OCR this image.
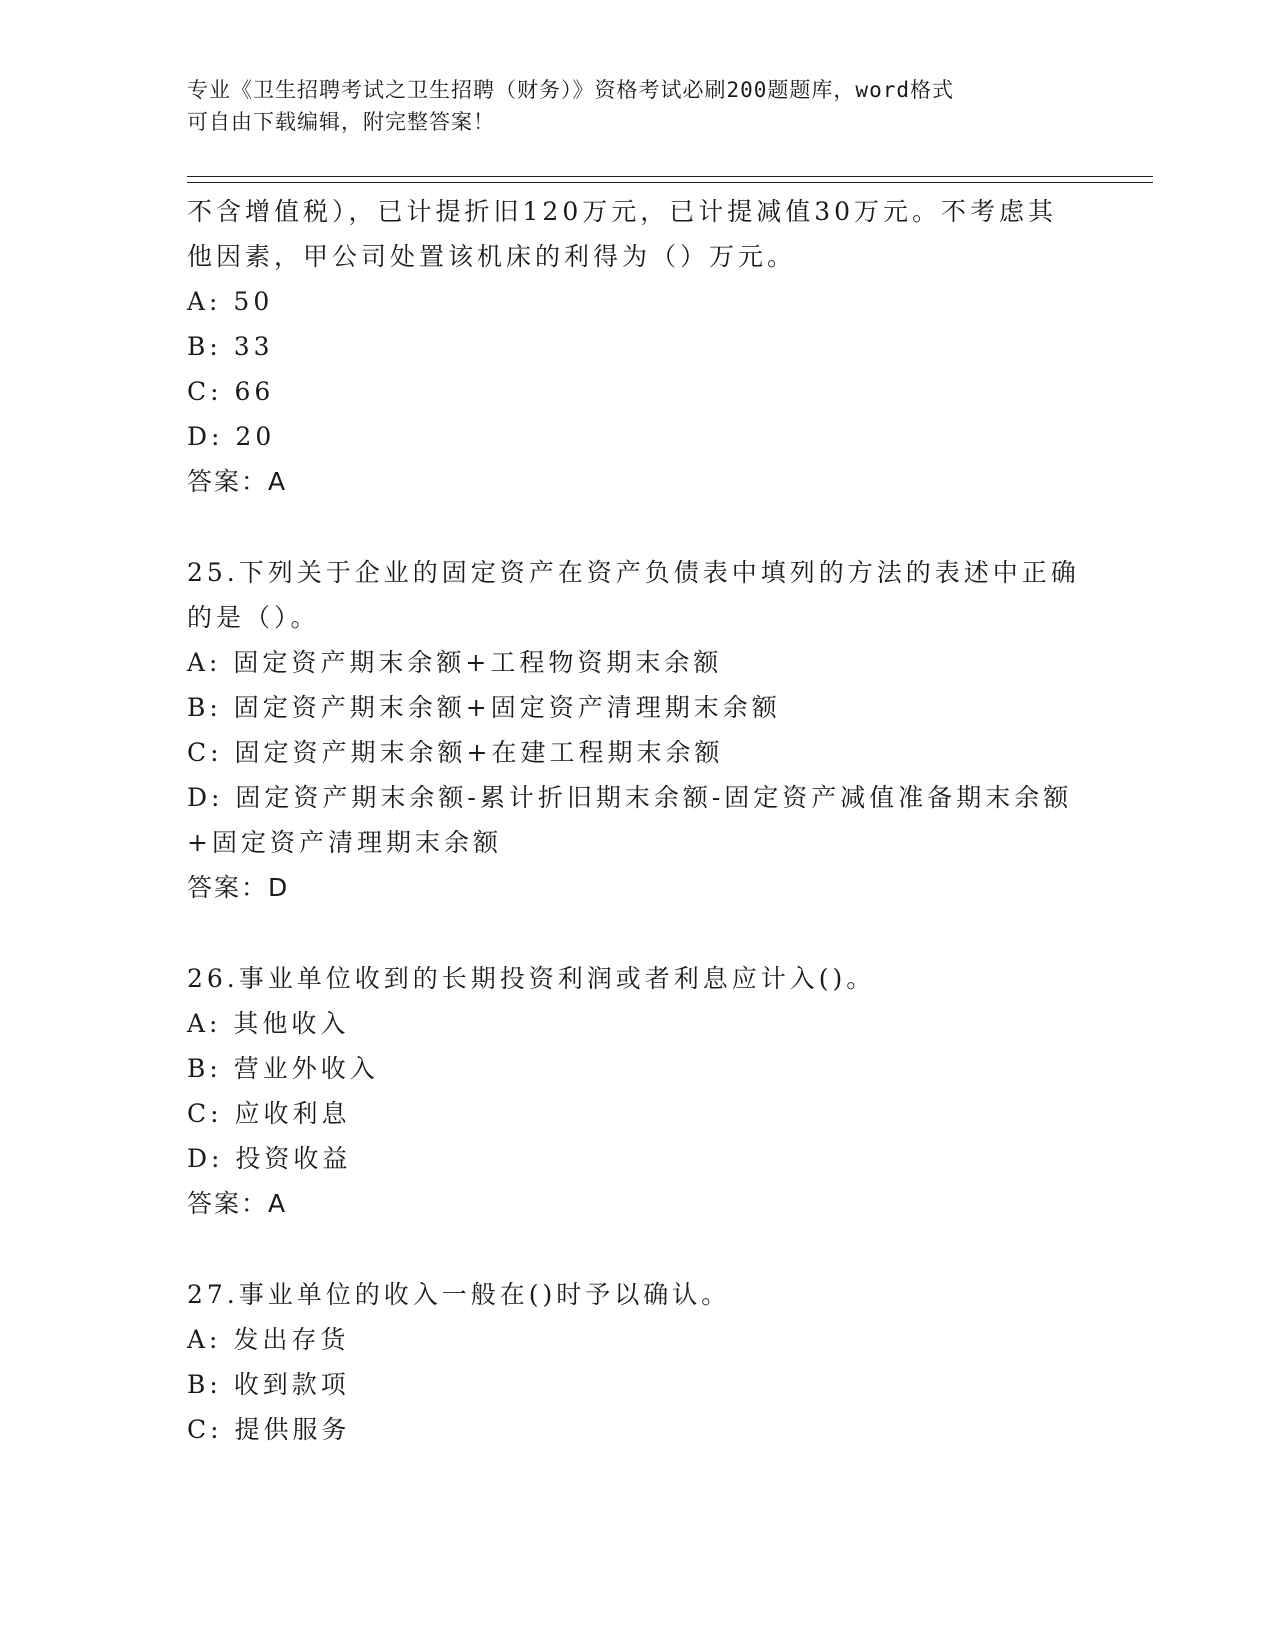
专业《卫生招聘考试之卫生招聘（财务）》资格考试必刷200题题库，word格式
可自由下载编辑，附完整答案！
不含增值税），已计提折旧120万元，已计提减值30万元。不考虑其
他因素，甲公司处置该机床的利得为（）万元。
A: 50
B: 33
C: 66
D: 20
答案：A
25.下列关于企业的固定资产在资产负债表中填列的方法的表述中正确
的是（）。
A: 固定资产期末余额+工程物资期末余额
B: 固定资产期末余额+固定资产清理期末余额
C: 固定资产期末余额+在建工程期末余额
D: 固定资产期末余额-累计折旧期末余额-固定资产减值准备期末余额
+固定资产清理期末余额
答案：D
26.事业单位收到的长期投资利润或者利息应计入()。
A: 其他收入
B: 营业外收入
C: 应收利息
D: 投资收益
答案：A
27.事业单位的收入一般在()时予以确认。
A: 发出存货
B: 收到款项
C: 提供服务
